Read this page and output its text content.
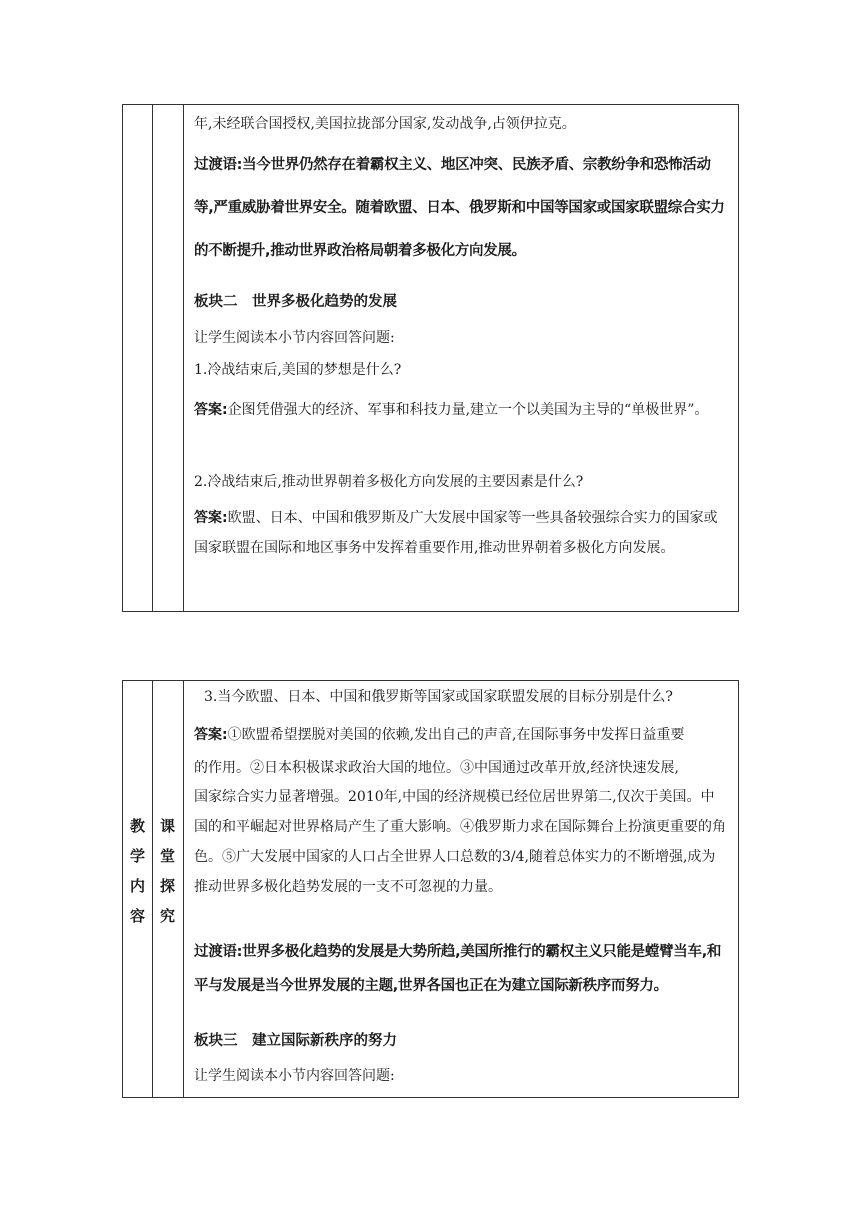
年,未经联合国授权,美国拉拢部分国家,发动战争,占领伊拉克。

过渡语:当今世界仍然存在着霸权主义、地区冲突、民族矛盾、宗教纷争和恐怖活动等,严重威胁着世界安全。随着欧盟、日本、俄罗斯和中国等国家或国家联盟综合实力的不断提升,推动世界政治格局朝着多极化方向发展。

板块二　世界多极化趋势的发展

让学生阅读本小节内容回答问题:

1.冷战结束后,美国的梦想是什么?

答案:企图凭借强大的经济、军事和科技力量,建立一个以美国为主导的“单极世界”。

2.冷战结束后,推动世界朝着多极化方向发展的主要因素是什么?

答案:欧盟、日本、中国和俄罗斯及广大发展中国家等一些具备较强综合实力的国家或国家联盟在国际和地区事务中发挥着重要作用,推动世界朝着多极化方向发展。

教
学
内
容
课
堂
探
究

3.当今欧盟、日本、中国和俄罗斯等国家或国家联盟发展的目标分别是什么?

答案:①欧盟希望摆脱对美国的依赖,发出自己的声音,在国际事务中发挥日益重要
的作用。②日本积极谋求政治大国的地位。③中国通过改革开放,经济快速发展,

国家综合实力显著增强。2010年,中国的经济规模已经位居世界第二,仅次于美国。中国的和平崛起对世界格局产生了重大影响。④俄罗斯力求在国际舞台上扮演更重要的角色。⑤广大发展中国家的人口占全世界人口总数的3/4,随着总体实力的不断增强,成为推动世界多极化趋势发展的一支不可忽视的力量。

过渡语:世界多极化趋势的发展是大势所趋,美国所推行的霸权主义只能是螳臂当车,和平与发展是当今世界发展的主题,世界各国也正在为建立国际新秩序而努力。

板块三　建立国际新秩序的努力

让学生阅读本小节内容回答问题:
